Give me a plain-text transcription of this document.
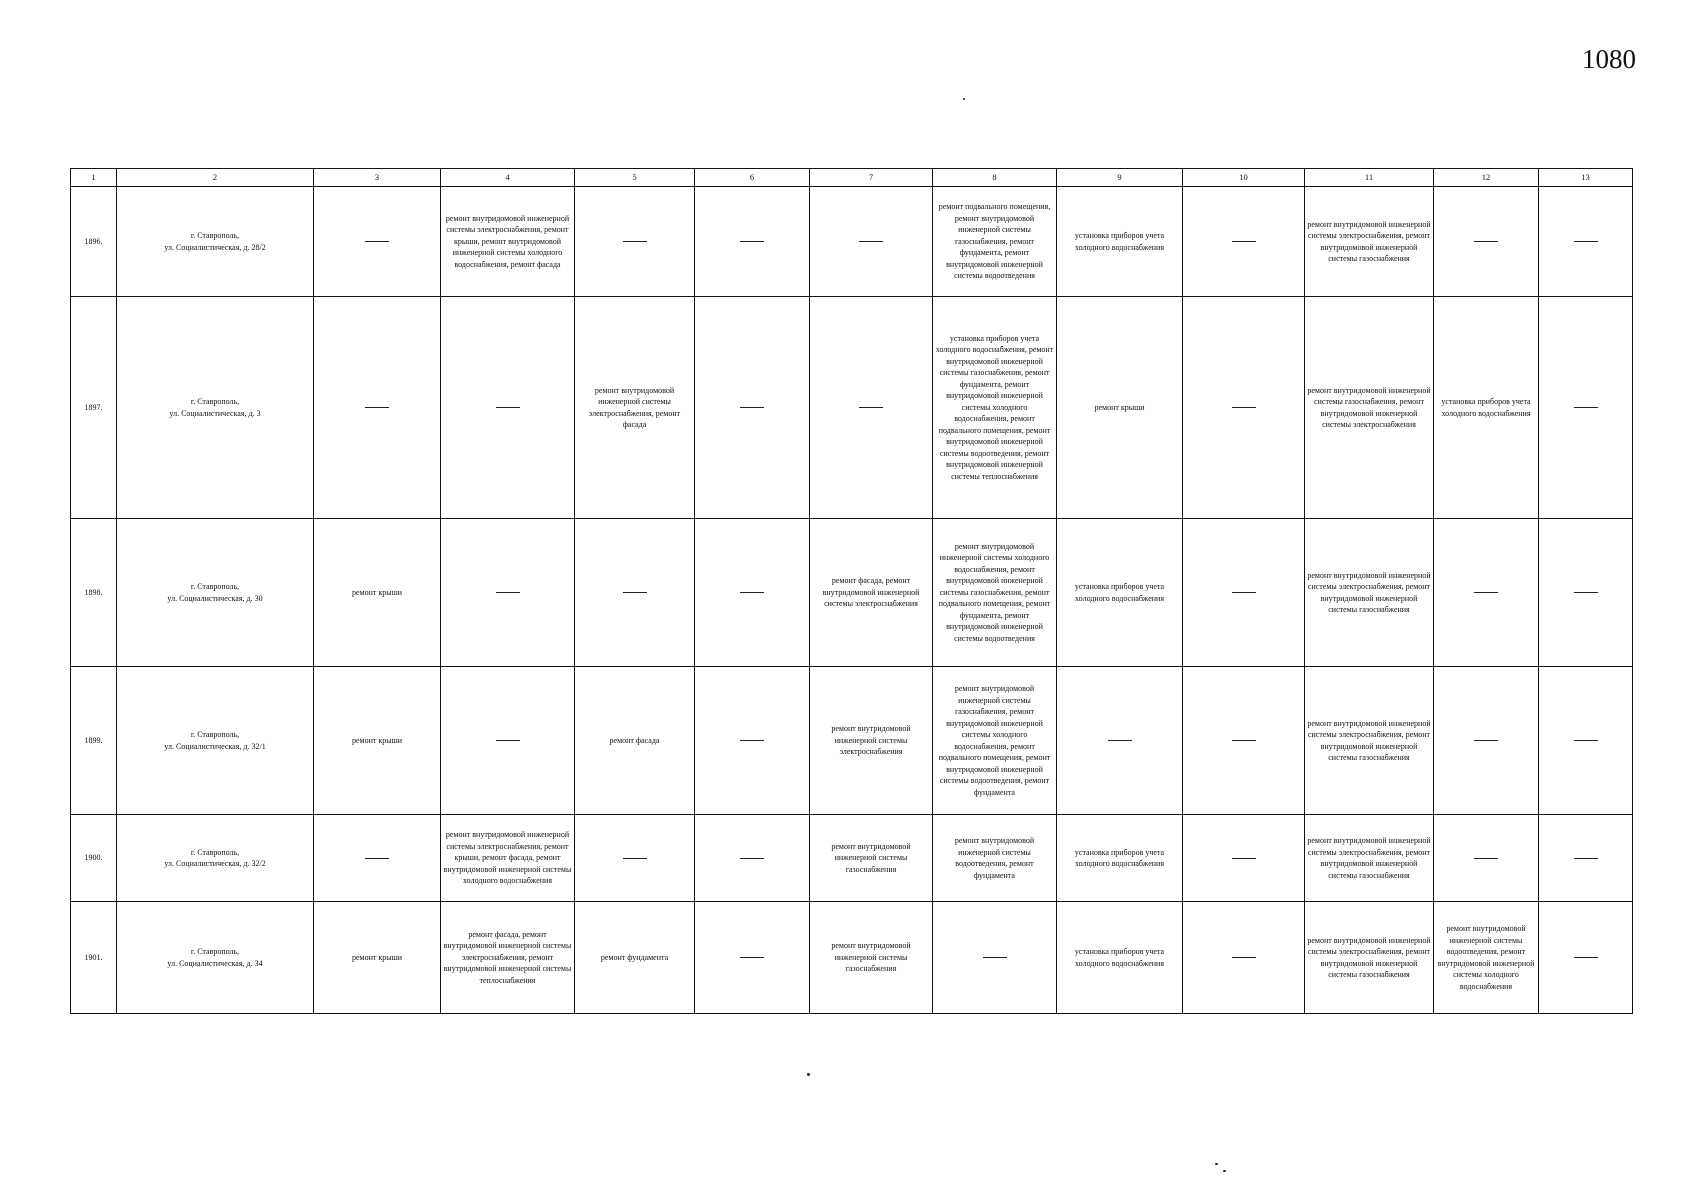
1080
1	2	3	4	5	6	7	8	9	10	11	12	13
1896.	г. Ставрополь,
ул. Социалистическая, д. 28/2		ремонт внутридомовой инженерной системы электроснабжения, ремонт крыши, ремонт внутридомовой инженерной системы холодного водоснабжения, ремонт фасада				ремонт подвального помещения, ремонт внутридомовой инженерной системы газоснабжения, ремонт фундамента, ремонт внутридомовой инженерной системы водоотведения	установка приборов учета холодного водоснабжения		ремонт внутридомовой инженерной системы электроснабжения, ремонт внутридомовой инженерной системы газоснабжения		
1897.	г. Ставрополь,
ул. Социалистическая, д. 3			ремонт внутридомовой инженерной системы электроснабжения, ремонт фасада			установка приборов учета холодного водоснабжения, ремонт внутридомовой инженерной системы газоснабжения, ремонт фундамента, ремонт внутридомовой инженерной системы холодного водоснабжения, ремонт подвального помещения, ремонт внутридомовой инженерной системы водоотведения, ремонт внутридомовой инженерной системы теплоснабжения	ремонт крыши		ремонт внутридомовой инженерной системы газоснабжения, ремонт внутридомовой инженерной системы электроснабжения	установка приборов учета холодного водоснабжения	
1898.	г. Ставрополь,
ул. Социалистическая, д. 30	ремонт крыши				ремонт фасада, ремонт внутридомовой инженерной системы электроснабжения	ремонт внутридомовой инженерной системы холодного водоснабжения, ремонт внутридомовой инженерной системы газоснабжения, ремонт подвального помещения, ремонт фундамента, ремонт внутридомовой инженерной системы водоотведения	установка приборов учета холодного водоснабжения		ремонт внутридомовой инженерной системы электроснабжения, ремонт внутридомовой инженерной системы газоснабжения		
1899.	г. Ставрополь,
ул. Социалистическая, д. 32/1	ремонт крыши		ремонт фасада		ремонт внутридомовой инженерной системы электроснабжения	ремонт внутридомовой инженерной системы газоснабжения, ремонт внутридомовой инженерной системы холодного водоснабжения, ремонт подвального помещения, ремонт внутридомовой инженерной системы водоотведения, ремонт фундамента			ремонт внутридомовой инженерной системы электроснабжения, ремонт внутридомовой инженерной системы газоснабжения		
1900.	г. Ставрополь,
ул. Социалистическая, д. 32/2		ремонт внутридомовой инженерной системы электроснабжения, ремонт крыши, ремонт фасада, ремонт внутридомовой инженерной системы холодного водоснабжения			ремонт внутридомовой инженерной системы газоснабжения	ремонт внутридомовой инженерной системы водоотведения, ремонт фундамента	установка приборов учета холодного водоснабжения		ремонт внутридомовой инженерной системы электроснабжения, ремонт внутридомовой инженерной системы газоснабжения		
1901.	г. Ставрополь,
ул. Социалистическая, д. 34	ремонт крыши	ремонт фасада, ремонт внутридомовой инженерной системы электроснабжения, ремонт внутридомовой инженерной системы теплоснабжения	ремонт фундамента		ремонт внутридомовой инженерной системы газоснабжения		установка приборов учета холодного водоснабжения		ремонт внутридомовой инженерной системы электроснабжения, ремонт внутридомовой инженерной системы газоснабжения	ремонт внутридомовой инженерной системы водоотведения, ремонт внутридомовой инженерной системы холодного водоснабжения	
